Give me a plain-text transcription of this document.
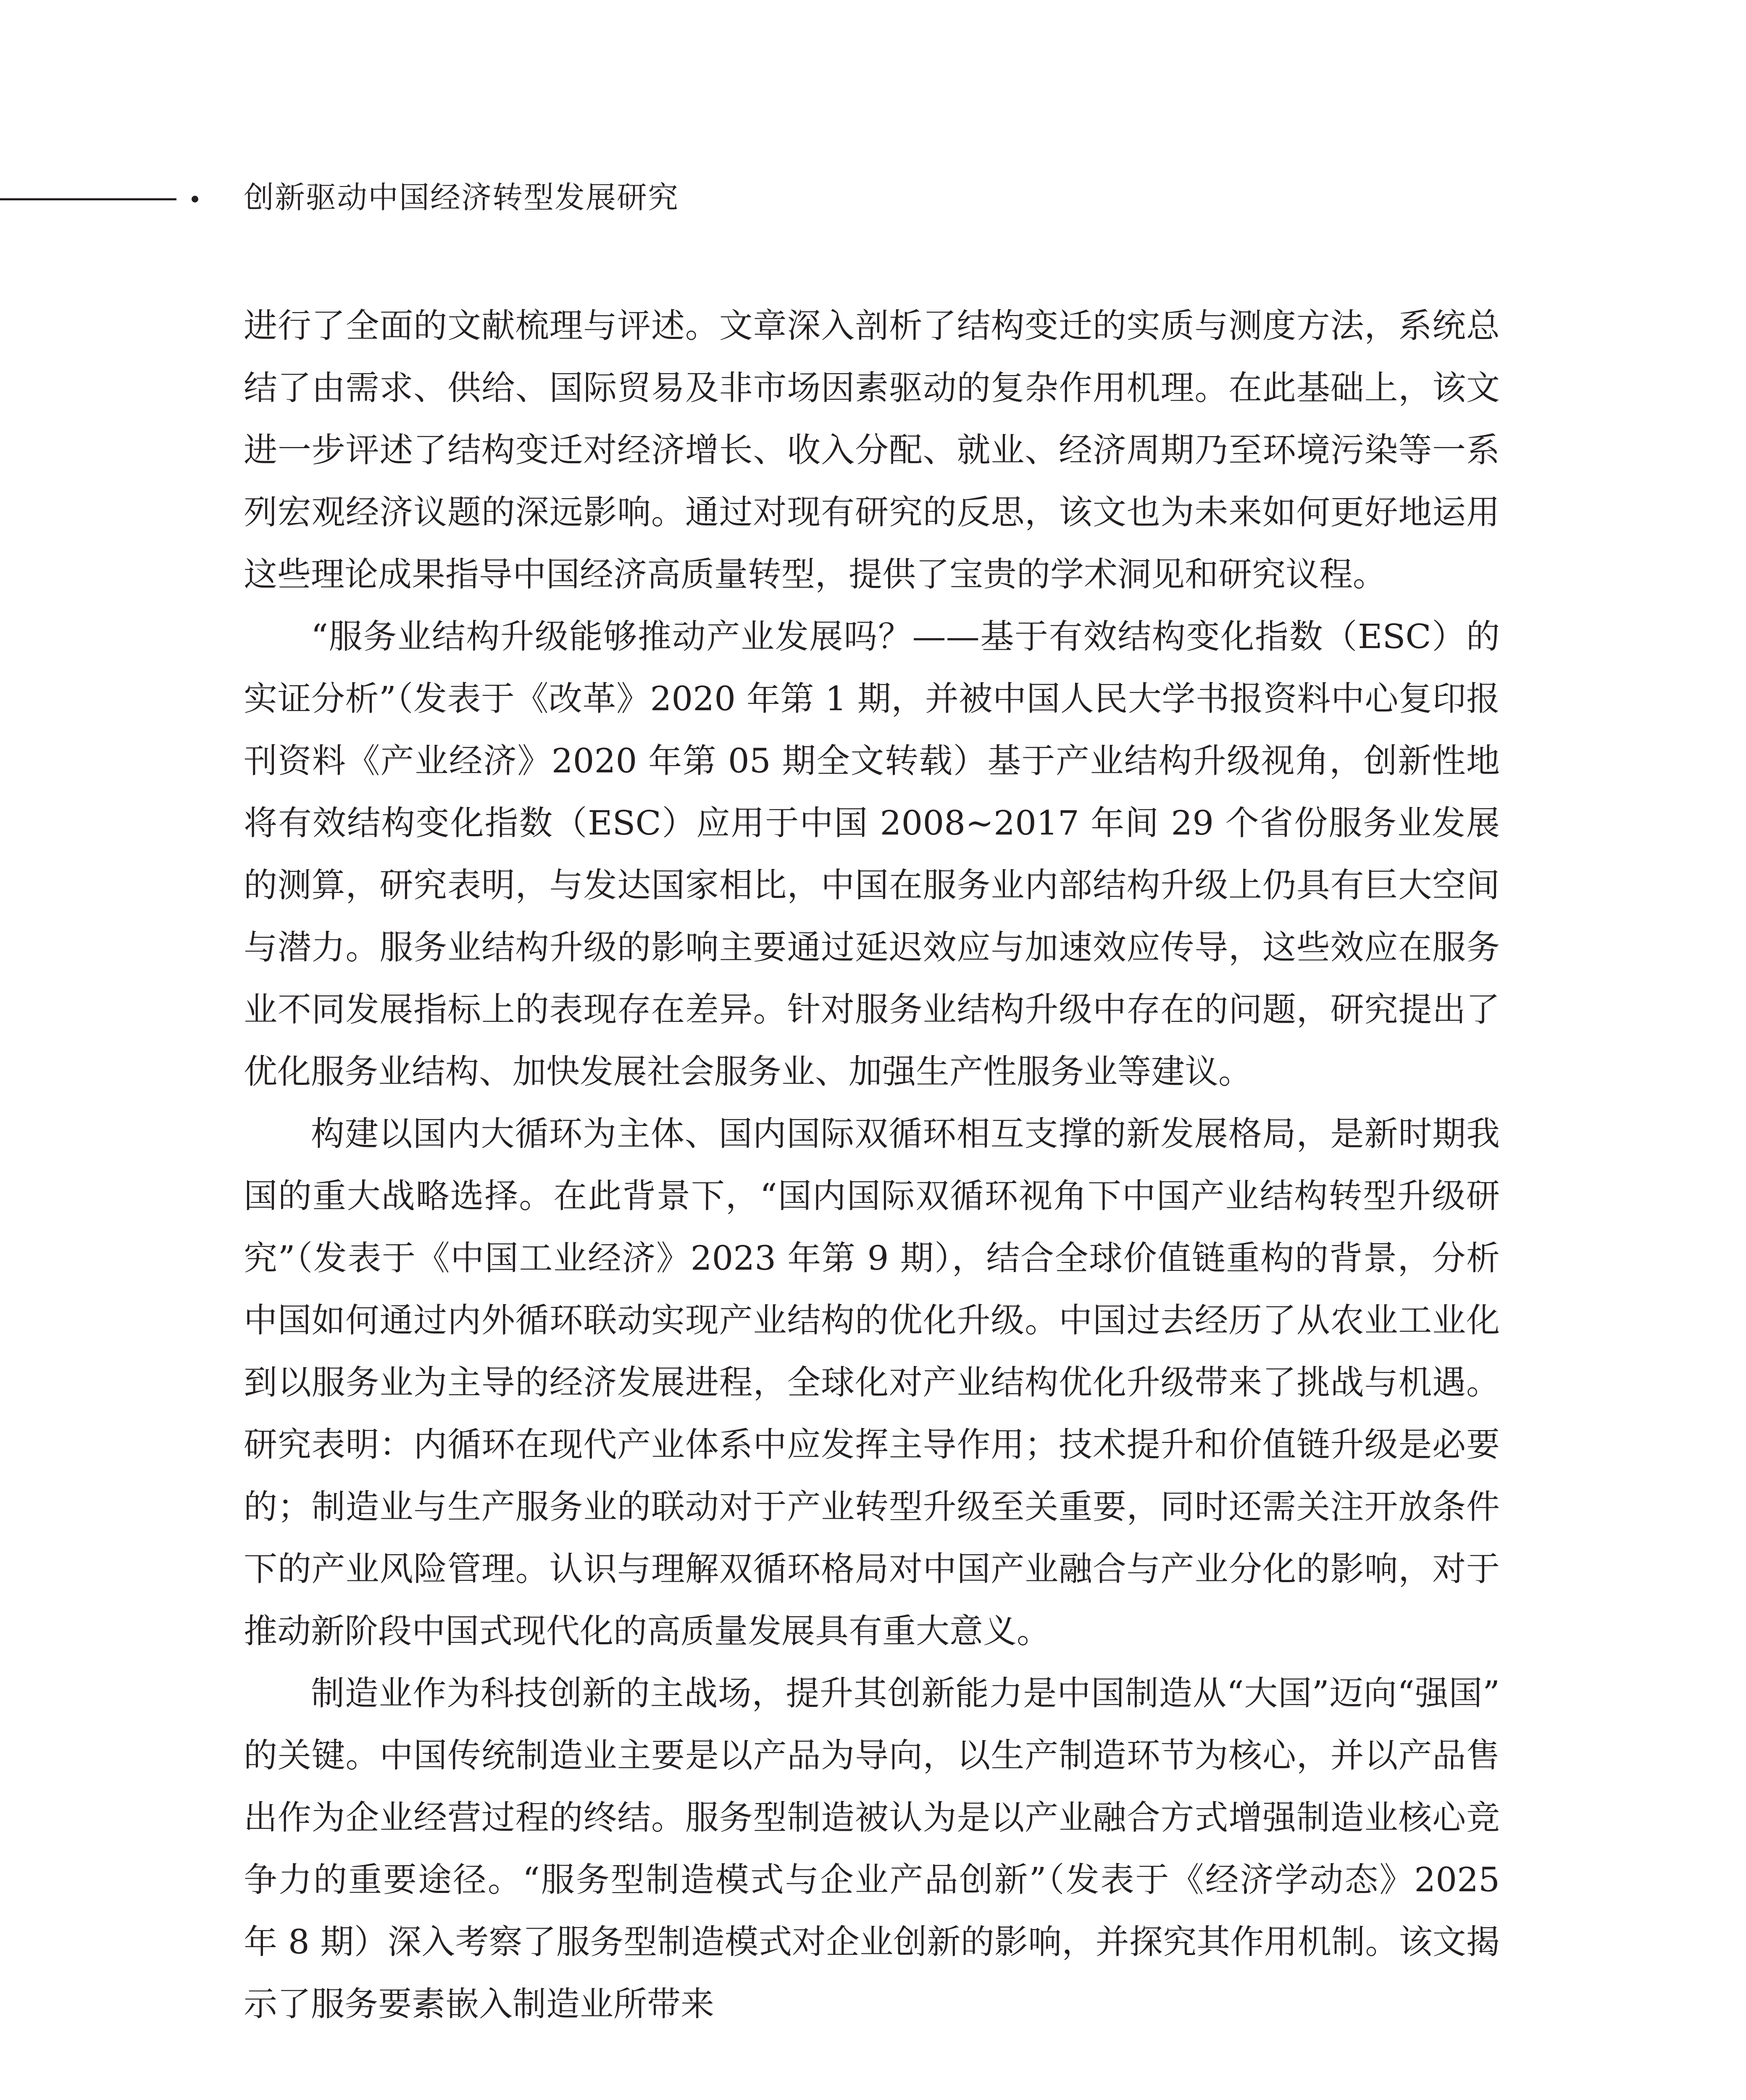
创新驱动中国经济转型发展研究

进行了全面的文献梳理与评述。文章深入剖析了结构变迁的实质与测度方法，系统总结了由需求、供给、国际贸易及非市场因素驱动的复杂作用机理。在此基础上，该文进一步评述了结构变迁对经济增长、收入分配、就业、经济周期乃至环境污染等一系列宏观经济议题的深远影响。通过对现有研究的反思，该文也为未来如何更好地运用这些理论成果指导中国经济高质量转型，提供了宝贵的学术洞见和研究议程。

“服务业结构升级能够推动产业发展吗？——基于有效结构变化指数（ESC）的实证分析”（发表于《改革》2020 年第 1 期，并被中国人民大学书报资料中心复印报刊资料《产业经济》2020 年第 05 期全文转载）基于产业结构升级视角，创新性地将有效结构变化指数（ESC）应用于中国 2008~2017 年间 29 个省份服务业发展的测算，研究表明，与发达国家相比，中国在服务业内部结构升级上仍具有巨大空间与潜力。服务业结构升级的影响主要通过延迟效应与加速效应传导，这些效应在服务业不同发展指标上的表现存在差异。针对服务业结构升级中存在的问题，研究提出了优化服务业结构、加快发展社会服务业、加强生产性服务业等建议。

构建以国内大循环为主体、国内国际双循环相互支撑的新发展格局，是新时期我国的重大战略选择。在此背景下，“国内国际双循环视角下中国产业结构转型升级研究”（发表于《中国工业经济》2023 年第 9 期），结合全球价值链重构的背景，分析中国如何通过内外循环联动实现产业结构的优化升级。中国过去经历了从农业工业化到以服务业为主导的经济发展进程，全球化对产业结构优化升级带来了挑战与机遇。研究表明：内循环在现代产业体系中应发挥主导作用；技术提升和价值链升级是必要的；制造业与生产服务业的联动对于产业转型升级至关重要，同时还需关注开放条件下的产业风险管理。认识与理解双循环格局对中国产业融合与产业分化的影响，对于推动新阶段中国式现代化的高质量发展具有重大意义。

制造业作为科技创新的主战场，提升其创新能力是中国制造从“大国”迈向“强国”的关键。中国传统制造业主要是以产品为导向，以生产制造环节为核心，并以产品售出作为企业经营过程的终结。服务型制造被认为是以产业融合方式增强制造业核心竞争力的重要途径。“服务型制造模式与企业产品创新”（发表于《经济学动态》2025 年 8 期）深入考察了服务型制造模式对企业创新的影响，并探究其作用机制。该文揭示了服务要素嵌入制造业所带来
